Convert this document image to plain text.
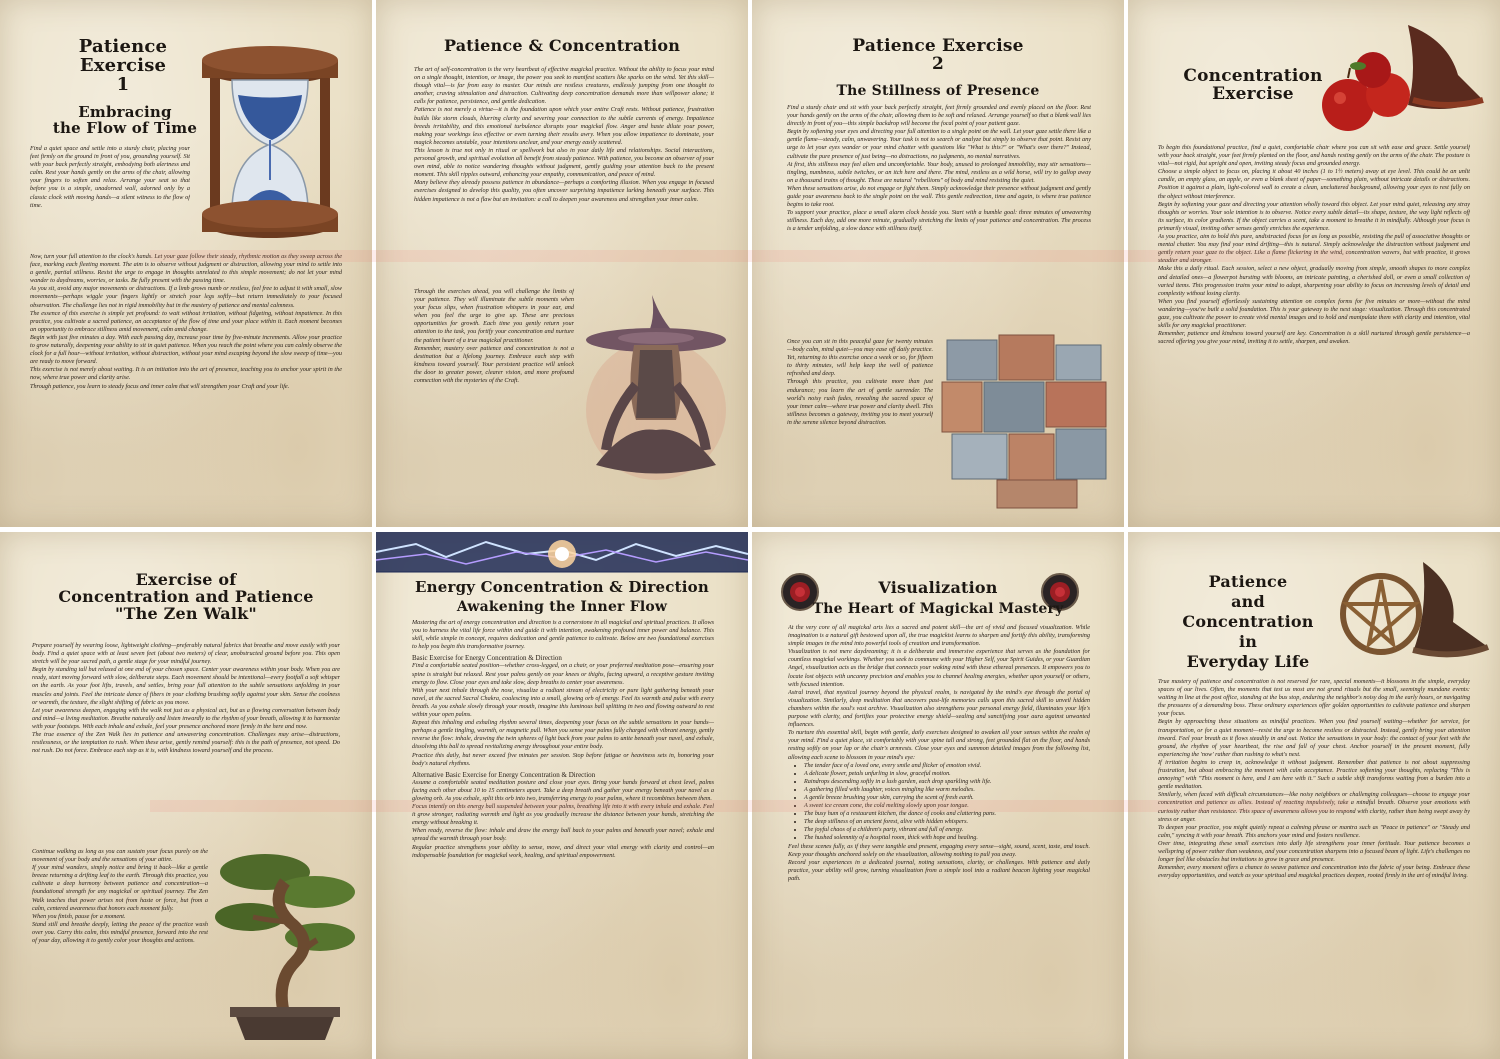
Patience
Exercise
1
Embracing
the Flow of Time

Find a quiet space and settle into a sturdy chair, placing your feet firmly on the ground in front of you, grounding yourself. Sit with your back perfectly straight, embodying both alertness and calm. Rest your hands gently on the arms of the chair, allowing your fingers to soften and relax. Arrange your seat so that before you is a simple, unadorned wall, adorned only by a classic clock with moving hands—a silent witness to the flow of time.

Now, turn your full attention to the clock's hands. Let your gaze follow their steady, rhythmic motion as they sweep across the face, marking each fleeting moment. The aim is to observe without judgment or distraction, allowing your mind to settle into a gentle, partial stillness. Resist the urge to engage in thoughts unrelated to this simple movement; do not let your mind wander to daydreams, worries, or tasks. Be fully present with the passing time.

As you sit, avoid any major movements or distractions. If a limb grows numb or restless, feel free to adjust it with small, slow movements—perhaps wiggle your fingers lightly or stretch your legs softly—but return immediately to your focused observation. The challenge lies not in rigid immobility but in the mastery of patience and mental calmness.

The essence of this exercise is simple yet profound: to wait without irritation, without fidgeting, without impatience. In this practice, you cultivate a sacred patience, an acceptance of the flow of time and your place within it. Each moment becomes an opportunity to embrace stillness amid movement, calm amid change.

Begin with just five minutes a day. With each passing day, increase your time by five-minute increments. Allow your practice to grow naturally, deepening your ability to sit in quiet patience. When you reach the point where you can calmly observe the clock for a full hour—without irritation, without distraction, without your mind escaping beyond the slow sweep of time—you are ready to move forward.

This exercise is not merely about waiting. It is an initiation into the art of presence, teaching you to anchor your spirit in the now, where true power and clarity arise.

Through patience, you learn to steady focus and inner calm that will strengthen your Craft and your life.

Patience & Concentration

The art of self-concentration is the very heartbeat of effective magickal practice. Without the ability to focus your mind on a single thought, intention, or image, the power you seek to manifest scatters like sparks on the wind. Yet this skill—though vital—is far from easy to master. Our minds are restless creatures, endlessly jumping from one thought to another, craving stimulation and distraction. Cultivating deep concentration demands more than willpower alone; it calls for patience, persistence, and gentle dedication.

Patience is not merely a virtue—it is the foundation upon which your entire Craft rests. Without patience, frustration builds like storm clouds, blurring clarity and severing your connection to the subtle currents of energy. Impatience breeds irritability, and this emotional turbulence disrupts your magickal flow. Anger and haste dilute your power, making your workings less effective or even turning their results awry. When you allow impatience to dominate, your magick becomes unstable, your intentions unclear, and your energy easily scattered.

This lesson is true not only in ritual or spellwork but also in your daily life and relationships. Social interactions, personal growth, and spiritual evolution all benefit from steady patience. With patience, you become an observer of your own mind, able to notice wandering thoughts without judgment, gently guiding your attention back to the present moment. This skill ripples outward, enhancing your empathy, communication, and peace of mind.

Many believe they already possess patience in abundance—perhaps a comforting illusion. When you engage in focused exercises designed to develop this quality, you often uncover surprising impatience lurking beneath your surface. This hidden impatience is not a flaw but an invitation: a call to deepen your awareness and strengthen your inner calm.

Through the exercises ahead, you will challenge the limits of your patience. They will illuminate the subtle moments when your focus slips, when frustration whispers in your ear, and when you feel the urge to give up. These are precious opportunities for growth. Each time you gently return your attention to the task, you fortify your concentration and nurture the patient heart of a true magickal practitioner.

Remember, mastery over patience and concentration is not a destination but a lifelong journey. Embrace each step with kindness toward yourself. Your persistent practice will unlock the door to greater power, clearer vision, and more profound connection with the mysteries of the Craft.

Patience Exercise
2
The Stillness of Presence

Find a sturdy chair and sit with your back perfectly straight, feet firmly grounded and evenly placed on the floor. Rest your hands gently on the arms of the chair, allowing them to be soft and relaxed. Arrange yourself so that a blank wall lies directly in front of you—this simple backdrop will become the focal point of your patient gaze.

Begin by softening your eyes and directing your full attention to a single point on the wall. Let your gaze settle there like a gentle flame—steady, calm, unwavering. Your task is not to search or analyze but simply to observe that point. Resist any urge to let your eyes wander or your mind chatter with questions like "What is this?" or "What's over there?" Instead, cultivate the pure presence of just being—no distractions, no judgments, no mental narratives.

At first, this stillness may feel alien and uncomfortable. Your body, unused to prolonged immobility, may stir sensations—tingling, numbness, subtle twitches, or an itch here and there. The mind, restless as a wild horse, will try to gallop away on a thousand trains of thought. These are natural "rebellions" of body and mind resisting the quiet.

When these sensations arise, do not engage or fight them. Simply acknowledge their presence without judgment and gently guide your awareness back to the single point on the wall. This gentle redirection, time and again, is where true patience begins to take root.

To support your practice, place a small alarm clock beside you. Start with a humble goal: three minutes of unwavering stillness. Each day, add one more minute, gradually stretching the limits of your patience and concentration. The process is a tender unfolding, a slow dance with stillness itself.

Once you can sit in this peaceful gaze for twenty minutes—body calm, mind quiet—you may ease off daily practice. Yet, returning to this exercise once a week or so, for fifteen to thirty minutes, will help keep the well of patience refreshed and deep.

Through this practice, you cultivate more than just endurance; you learn the art of gentle surrender. The world's noisy rush fades, revealing the sacred space of your inner calm—where true power and clarity dwell. This stillness becomes a gateway, inviting you to meet yourself in the serene silence beyond distraction.

Concentration
Exercise

To begin this foundational practice, find a quiet, comfortable chair where you can sit with ease and grace. Settle yourself with your back straight, your feet firmly planted on the floor, and hands resting gently on the arms of the chair. The posture is vital—not rigid, but upright and open, inviting steady focus and grounded energy.

Choose a simple object to focus on, placing it about 40 inches (1 to 1½ meters) away at eye level. This could be an unlit candle, an empty glass, an apple, or even a blank sheet of paper—something plain, without intricate details or distractions. Position it against a plain, light-colored wall to create a clean, uncluttered background, allowing your eyes to rest fully on the object without interference.

Begin by softening your gaze and directing your attention wholly toward this object. Let your mind quiet, releasing any stray thoughts or worries. Your sole intention is to observe. Notice every subtle detail—its shape, texture, the way light reflects off its surface, its color gradients. If the object carries a scent, take a moment to breathe it in mindfully. Although your focus is primarily visual, inviting other senses gently enriches the experience.

As you practice, aim to hold this pure, undistracted focus for as long as possible, resisting the pull of associative thoughts or mental chatter. You may find your mind drifting—this is natural. Simply acknowledge the distraction without judgment and gently return your gaze to the object. Like a flame flickering in the wind, concentration wavers, but with practice, it grows steadier and stronger.

Make this a daily ritual. Each session, select a new object, gradually moving from simple, smooth shapes to more complex and detailed ones—a flowerpot bursting with blooms, an intricate painting, a cherished doll, or even a small collection of varied items. This progression trains your mind to adapt, sharpening your ability to focus on increasing levels of detail and complexity without losing clarity.

When you find yourself effortlessly sustaining attention on complex forms for five minutes or more—without the mind wandering—you've built a solid foundation. This is your gateway to the next stage: visualization. Through this concentrated gaze, you cultivate the power to create vivid mental images and to hold and manipulate them with clarity and intention, vital skills for any magickal practitioner.

Remember, patience and kindness toward yourself are key. Concentration is a skill nurtured through gentle persistence—a sacred offering you give your mind, inviting it to settle, sharpen, and awaken.

Exercise of
Concentration and Patience
"The Zen Walk"

Prepare yourself by wearing loose, lightweight clothing—preferably natural fabrics that breathe and move easily with your body. Find a quiet space with at least seven feet (about two meters) of clear, unobstructed ground before you. This open stretch will be your sacred path, a gentle stage for your mindful journey.

Begin by standing tall but relaxed at one end of your chosen space. Center your awareness within your body. When you are ready, start moving forward with slow, deliberate steps. Each movement should be intentional—every footfall a soft whisper on the earth. As your foot lifts, travels, and settles, bring your full attention to the subtle sensations unfolding in your muscles and joints. Feel the intricate dance of fibers in your clothing brushing softly against your skin. Sense the coolness or warmth, the texture, the slight shifting of fabric as you move.

Let your awareness deepen, engaging with the walk not just as a physical act, but as a flowing conversation between body and mind—a living meditation. Breathe naturally and listen inwardly to the rhythm of your breath, allowing it to harmonize with your footsteps. With each inhale and exhale, feel your presence anchored more firmly in the here and now.

The true essence of the Zen Walk lies in patience and unwavering concentration. Challenges may arise—distractions, restlessness, or the temptation to rush. When these arise, gently remind yourself: this is the path of presence, not speed. Do not rush. Do not force. Embrace each step as it is, with kindness toward yourself and the process.

Continue walking as long as you can sustain your focus purely on the movement of your body and the sensations of your attire.

If your mind wanders, simply notice and bring it back—like a gentle breeze returning a drifting leaf to the earth. Through this practice, you cultivate a deep harmony between patience and concentration—a foundational strength for any magickal or spiritual journey. The Zen Walk teaches that power arises not from haste or force, but from a calm, centered awareness that honors each moment fully.

When you finish, pause for a moment.

Stand still and breathe deeply, letting the peace of the practice wash over you. Carry this calm, this mindful presence, forward into the rest of your day, allowing it to gently color your thoughts and actions.

Energy Concentration & Direction
Awakening the Inner Flow

Mastering the art of energy concentration and direction is a cornerstone in all magickal and spiritual practices. It allows you to harness the vital life force within and guide it with intention, awakening profound inner power and balance. This skill, while simple in concept, requires dedication and gentle patience to cultivate. Below are two foundational exercises to help you begin this transformative journey.

Basic Exercise for Energy Concentration & Direction

Find a comfortable seated position—whether cross-legged, on a chair, or your preferred meditation pose—ensuring your spine is straight but relaxed. Rest your palms gently on your knees or thighs, facing upward, a receptive gesture inviting energy to flow. Close your eyes and take slow, deep breaths to center your awareness.

With your next inhale through the nose, visualize a radiant stream of electricity or pure light gathering beneath your navel, at the sacred Sacral Chakra, coalescing into a small, glowing orb of energy. Feel its warmth and pulse with every breath. As you exhale slowly through your mouth, imagine this luminous ball splitting in two and flowing outward to rest within your open palms.

Repeat this inhaling and exhaling rhythm several times, deepening your focus on the subtle sensations in your hands—perhaps a gentle tingling, warmth, or magnetic pull. When you sense your palms fully charged with vibrant energy, gently reverse the flow: inhale, drawing the twin spheres of light back from your palms to unite beneath your navel, and exhale, dissolving this ball to spread revitalizing energy throughout your entire body.

Practice this daily, but never exceed five minutes per session. Stop before fatigue or heaviness sets in, honoring your body's natural rhythms.

Alternative Basic Exercise for Energy Concentration & Direction

Assume a comfortable seated meditation posture and close your eyes. Bring your hands forward at chest level, palms facing each other about 10 to 15 centimeters apart. Take a deep breath and gather your energy beneath your navel as a glowing orb. As you exhale, split this orb into two, transferring energy to your palms, where it recombines between them.

Focus intently on this energy ball suspended between your palms, breathing life into it with every inhale and exhale. Feel it grow stronger, radiating warmth and light as you gradually increase the distance between your hands, stretching the energy without breaking it.

When ready, reverse the flow: inhale and draw the energy ball back to your palms and beneath your navel; exhale and spread the warmth through your body.

Regular practice strengthens your ability to sense, move, and direct your vital energy with clarity and control—an indispensable foundation for magickal work, healing, and spiritual empowerment.

Visualization
The Heart of Magickal Mastery

At the very core of all magickal arts lies a sacred and potent skill—the art of vivid and focused visualization. While imagination is a natural gift bestowed upon all, the true magickist learns to sharpen and fortify this ability, transforming simple images in the mind into powerful tools of creation and transformation.

Visualization is not mere daydreaming; it is a deliberate and immersive experience that serves as the foundation for countless magickal workings. Whether you seek to commune with your Higher Self, your Spirit Guides, or your Guardian Angel, visualization acts as the bridge that connects your waking mind with these ethereal presences. It empowers you to locate lost objects with uncanny precision and enables you to channel healing energies, whether upon yourself or others, with focused intention.

Astral travel, that mystical journey beyond the physical realm, is navigated by the mind's eye through the portal of visualization. Similarly, deep meditation that uncovers past-life memories calls upon this sacred skill to unveil hidden chambers within the soul's vast archive. Visualization also strengthens your personal energy field, illuminates your life's purpose with clarity, and fortifies your protective energy shield—sealing and sanctifying your aura against unwanted influences.

To nurture this essential skill, begin with gentle, daily exercises designed to awaken all your senses within the realm of your mind. Find a quiet place, sit comfortably with your spine tall and strong, feet grounded flat on the floor, and hands resting softly on your lap or the chair's armrests. Close your eyes and summon detailed images from the following list, allowing each scene to blossom in your mind's eye:

• The tender face of a loved one, every smile and flicker of emotion vivid.
• A delicate flower, petals unfurling in slow, graceful motion.
• Raindrops descending softly in a lush garden, each drop sparkling with life.
• A gathering filled with laughter, voices mingling like warm melodies.
• A gentle breeze brushing your skin, carrying the scent of fresh earth.
• A sweet ice cream cone, the cold melting slowly upon your tongue.
• The busy hum of a restaurant kitchen, the dance of cooks and clattering pans.
• The deep stillness of an ancient forest, alive with hidden whispers.
• The joyful chaos of a children's party, vibrant and full of energy.
• The hushed solemnity of a hospital room, thick with hope and healing.

Feel these scenes fully, as if they were tangible and present, engaging every sense—sight, sound, scent, taste, and touch. Keep your thoughts anchored solely on the visualization, allowing nothing to pull you away.

Record your experiences in a dedicated journal, noting sensations, clarity, or challenges. With patience and daily practice, your ability will grow, turning visualization from a simple tool into a radiant beacon lighting your magickal path.

Patience
and
Concentration
in
Everyday Life

True mastery of patience and concentration is not reserved for rare, special moments—it blossoms in the simple, everyday spaces of our lives. Often, the moments that test us most are not grand rituals but the small, seemingly mundane events: waiting in line at the post office, standing at the bus stop, enduring the neighbor's noisy dog in the early hours, or navigating the pressures of a demanding boss. These ordinary experiences offer golden opportunities to cultivate patience and sharpen your focus.

Begin by approaching these situations as mindful practices. When you find yourself waiting—whether for service, for transportation, or for a quiet moment—resist the urge to become restless or distracted. Instead, gently bring your attention inward. Feel your breath as it flows steadily in and out. Notice the sensations in your body: the contact of your feet with the ground, the rhythm of your heartbeat, the rise and fall of your chest. Anchor yourself in the present moment, fully experiencing the 'now' rather than rushing to what's next.

If irritation begins to creep in, acknowledge it without judgment. Remember that patience is not about suppressing frustration, but about embracing the moment with calm acceptance. Practice softening your thoughts, replacing "This is annoying" with "This moment is here, and I am here with it." Such a subtle shift transforms waiting from a burden into a gentle meditation.

Similarly, when faced with difficult circumstances—like noisy neighbors or challenging colleagues—choose to engage your concentration and patience as allies. Instead of reacting impulsively, take a mindful breath. Observe your emotions with curiosity rather than resistance. This space of awareness allows you to respond with clarity, rather than being swept away by stress or anger.

To deepen your practice, you might quietly repeat a calming phrase or mantra such as "Peace in patience" or "Steady and calm," syncing it with your breath. This anchors your mind and fosters resilience.

Over time, integrating these small exercises into daily life strengthens your inner fortitude. Your patience becomes a wellspring of power rather than weakness, and your concentration sharpens into a focused beam of light. Life's challenges no longer feel like obstacles but invitations to grow in grace and presence.

Remember, every moment offers a chance to weave patience and concentration into the fabric of your being. Embrace these everyday opportunities, and watch as your spiritual and magickal practices deepen, rooted firmly in the art of mindful living.
